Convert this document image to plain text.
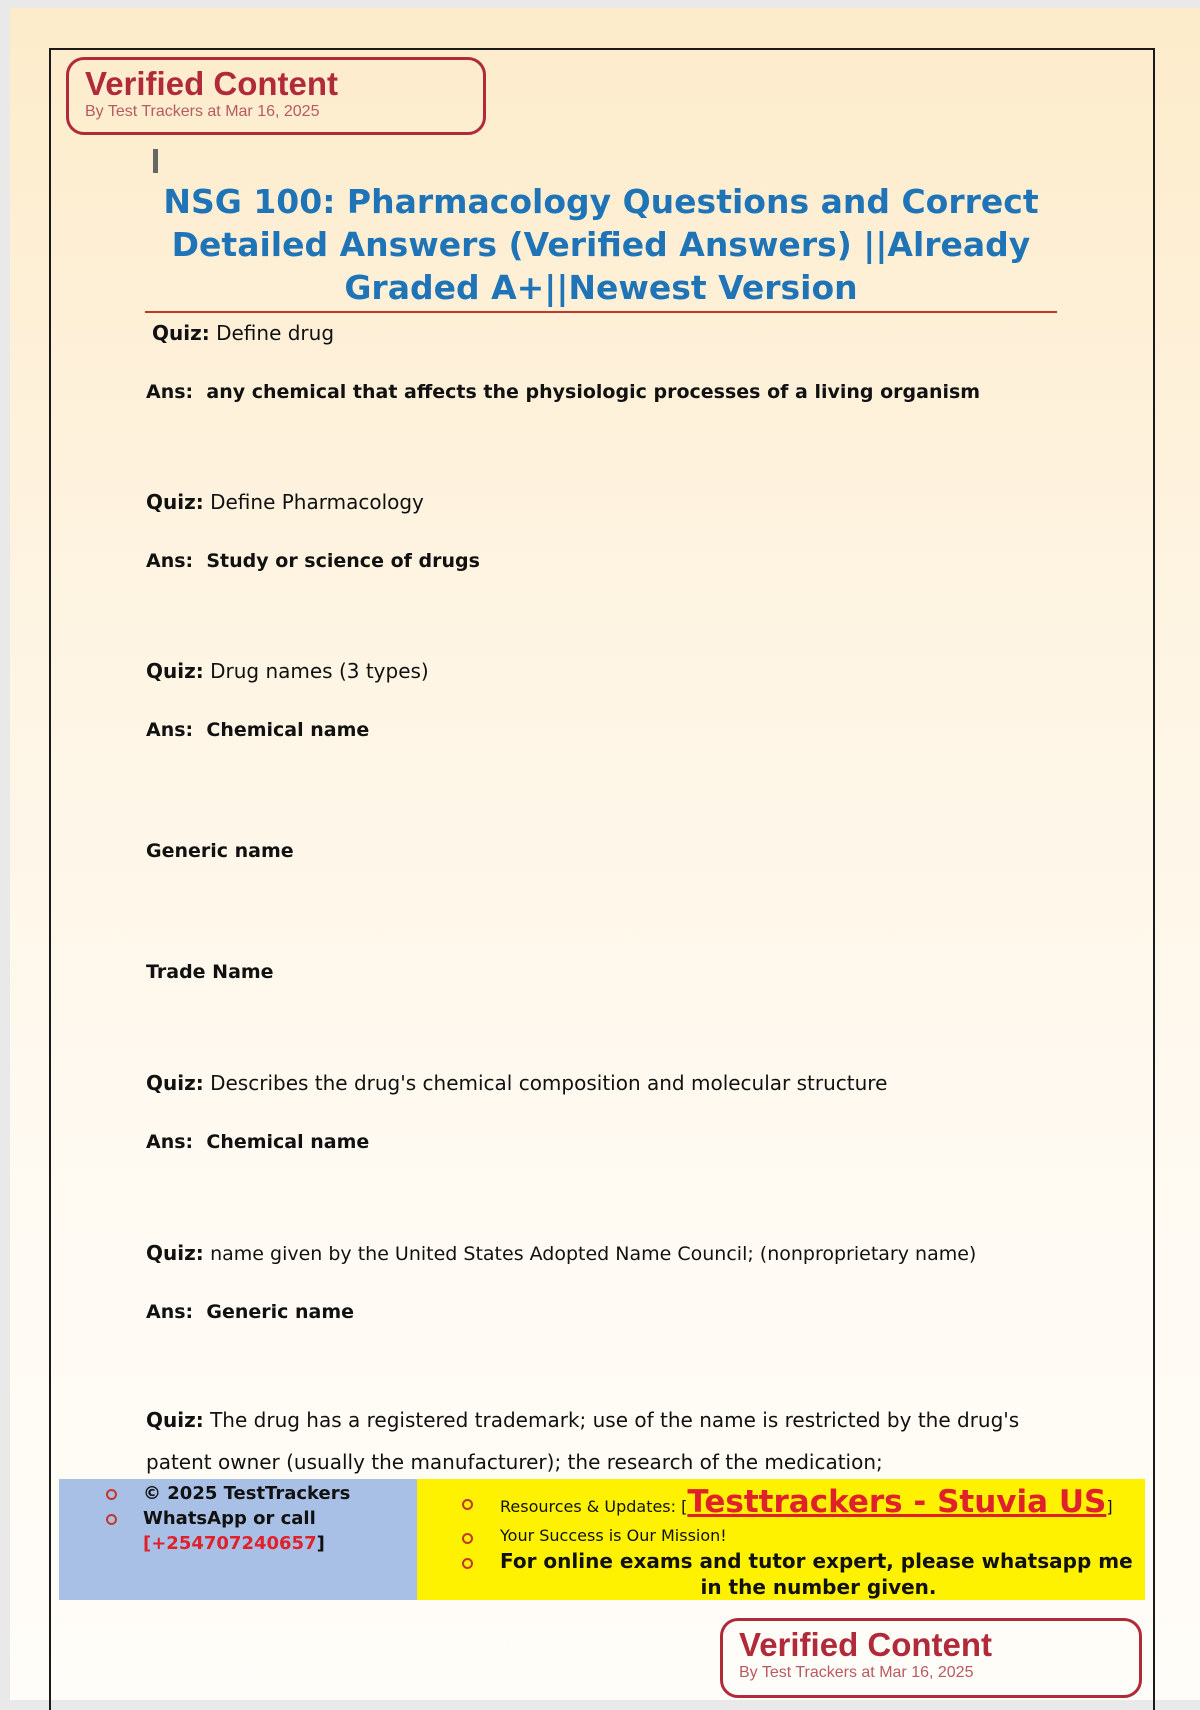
Verified Content
By Test Trackers at Mar 16, 2025
NSG 100: Pharmacology Questions and Correct
Detailed Answers (Verified Answers) ||Already
Graded A+||Newest Version
Quiz: Define drug
Ans: any chemical that affects the physiologic processes of a living organism
Quiz: Define Pharmacology
Ans: Study or science of drugs
Quiz: Drug names (3 types)
Ans: Chemical name
Generic name
Trade Name
Quiz: Describes the drug's chemical composition and molecular structure
Ans: Chemical name
Quiz: name given by the United States Adopted Name Council; (nonproprietary name)
Ans: Generic name
Quiz: The drug has a registered trademark; use of the name is restricted by the drug's
patent owner (usually the manufacturer); the research of the medication;
© 2025 TestTrackers
WhatsApp or call
[+254707240657]
Resources & Updates: [Testtrackers - Stuvia US]
Your Success is Our Mission!
For online exams and tutor expert, please whatsapp me
in the number given.
Verified Content
By Test Trackers at Mar 16, 2025
